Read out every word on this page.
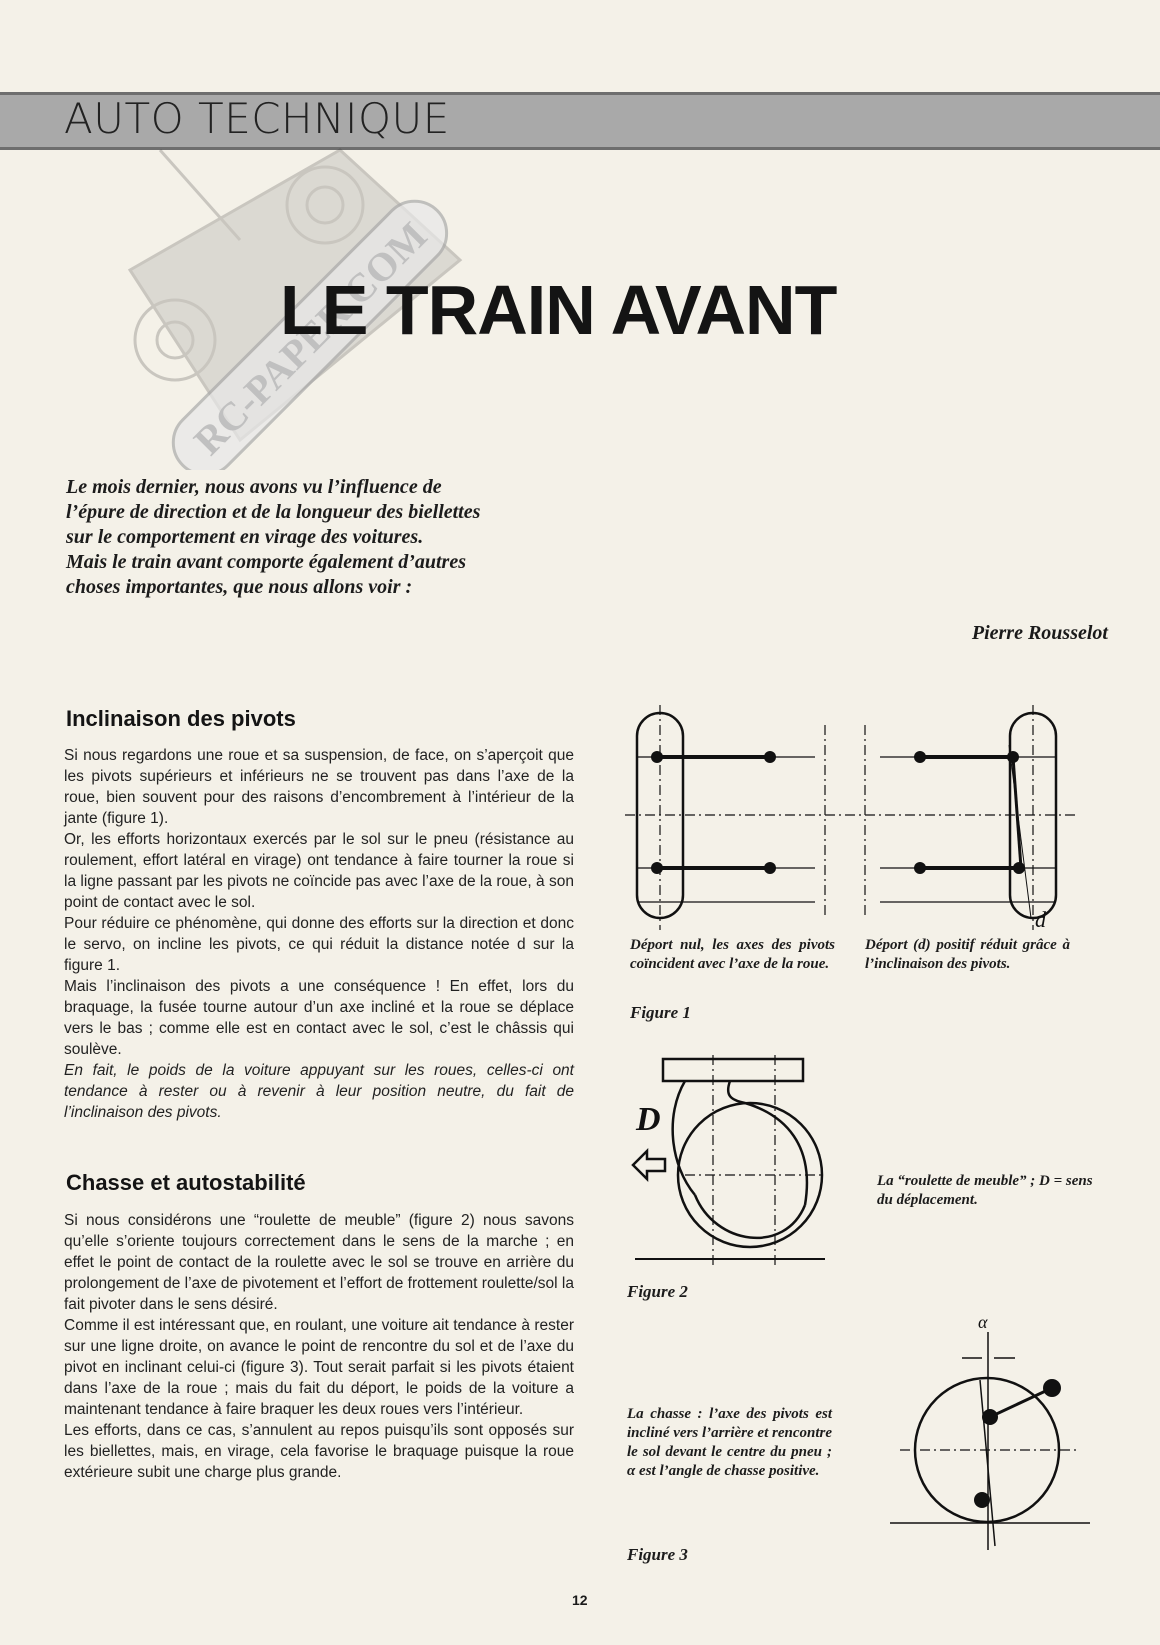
AUTO TECHNIQUE
RC-PAPER.COM
LE TRAIN AVANT
Le mois dernier, nous avons vu l’influence de
l’épure de direction et de la longueur des biellettes
sur le comportement en virage des voitures.
Mais le train avant comporte également d’autres
choses importantes, que nous allons voir :
Pierre Rousselot
Inclinaison des pivots

Si nous regardons une roue et sa suspension, de face, on s’aperçoit que les pivots supérieurs et inférieurs ne se trouvent pas dans l’axe de la roue, bien souvent pour des raisons d’encombrement à l’intérieur de la jante (figure 1).

Or, les efforts horizontaux exercés par le sol sur le pneu (résistance au roulement, effort latéral en virage) ont tendance à faire tourner la roue si la ligne passant par les pivots ne coïncide pas avec l’axe de la roue, à son point de contact avec le sol.

Pour réduire ce phénomène, qui donne des efforts sur la direction et donc le servo, on incline les pivots, ce qui réduit la distance notée d sur la figure 1.

Mais l’inclinaison des pivots a une conséquence ! En effet, lors du braquage, la fusée tourne autour d’un axe incliné et la roue se déplace vers le bas ; comme elle est en contact avec le sol, c’est le châssis qui soulève.

En fait, le poids de la voiture appuyant sur les roues, celles-ci ont tendance à rester ou à revenir à leur position neutre, du fait de l’inclinaison des pivots.

Chasse et autostabilité

Si nous considérons une “roulette de meuble” (figure 2) nous savons qu’elle s’oriente toujours correctement dans le sens de la marche ; en effet le point de contact de la roulette avec le sol se trouve en arrière du prolongement de l’axe de pivotement et l’effort de frottement roulette/sol la fait pivoter dans le sens désiré.

Comme il est intéressant que, en roulant, une voiture ait tendance à rester sur une ligne droite, on avance le point de rencontre du sol et de l’axe du pivot en inclinant celui-ci (figure 3). Tout serait parfait si les pivots étaient dans l’axe de la roue ; mais du fait du déport, le poids de la voiture a maintenant tendance à faire braquer les deux roues vers l’intérieur.

Les efforts, dans ce cas, s’annulent au repos puisqu’ils sont opposés sur les biellettes, mais, en virage, cela favorise le braquage puisque la roue extérieure subit une charge plus grande.

d
Déport nul, les axes des pivots coïncident avec l’axe de la roue.
Déport (d) positif réduit grâce à l’inclinaison des pivots.
Figure 1
D
La “roulette de meuble” ; D = sens du déplacement.
Figure 2
α
La chasse : l’axe des pivots est incliné vers l’arrière et rencontre le sol devant le centre du pneu ; α est l’angle de chasse positive.
Figure 3
12
